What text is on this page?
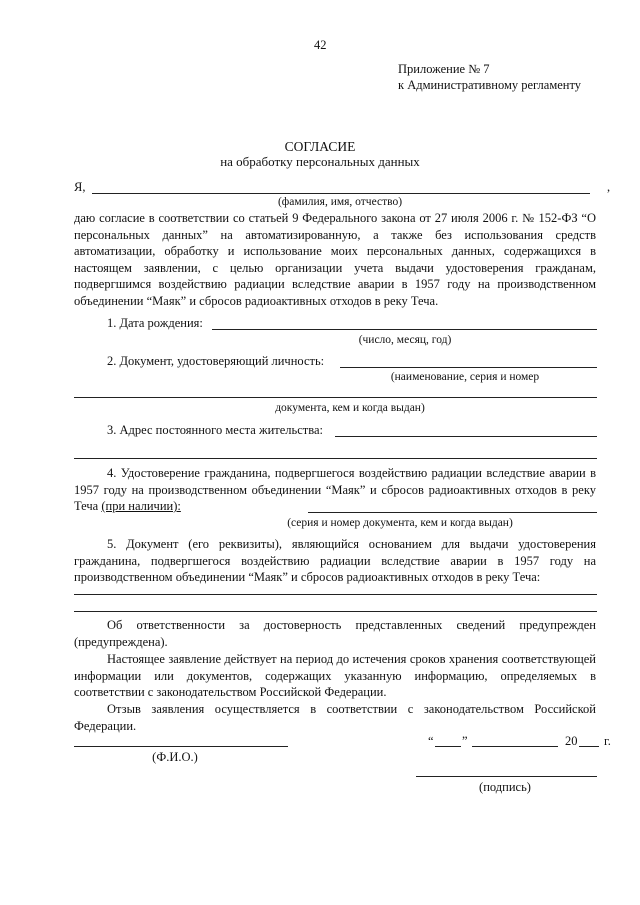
42
Приложение № 7
к Административному регламенту
СОГЛАСИЕ
на обработку персональных данных
Я,	,
(фамилия, имя, отчество)
даю согласие в соответствии со статьей 9 Федерального закона от 27 июля 2006 г. № 152-ФЗ “О персональных данных” на автоматизированную, а также без использования средств автоматизации, обработку и использование моих персональных данных, содержащихся в настоящем заявлении, с целью организации учета выдачи удостоверения гражданам, подвергшимся воздействию радиации вследствие аварии в 1957 году на производственном объединении “Маяк” и сбросов радиоактивных отходов в реку Теча.
1. Дата рождения:
(число, месяц, год)
2. Документ, удостоверяющий личность:
(наименование, серия и номер
документа, кем и когда выдан)
3. Адрес постоянного места жительства:
4. Удостоверение гражданина, подвергшегося воздействию радиации вследствие аварии в 1957 году на производственном объединении “Маяк” и сбросов радиоактивных отходов в реку Теча (при наличии):
(серия и номер документа, кем и когда выдан)
5. Документ (его реквизиты), являющийся основанием для выдачи удостоверения гражданина, подвергшегося воздействию радиации вследствие аварии в 1957 году на производственном объединении “Маяк” и сбросов радиоактивных отходов в реку Теча:
Об ответственности за достоверность представленных сведений предупрежден (предупреждена).
Настоящее заявление действует на период до истечения сроков хранения соответствующей информации или документов, содержащих указанную информацию, определяемых в соответствии с законодательством Российской Федерации.
Отзыв заявления осуществляется в соответствии с законодательством Российской Федерации.
(Ф.И.О.)
“ ”	20 г.
(подпись)
